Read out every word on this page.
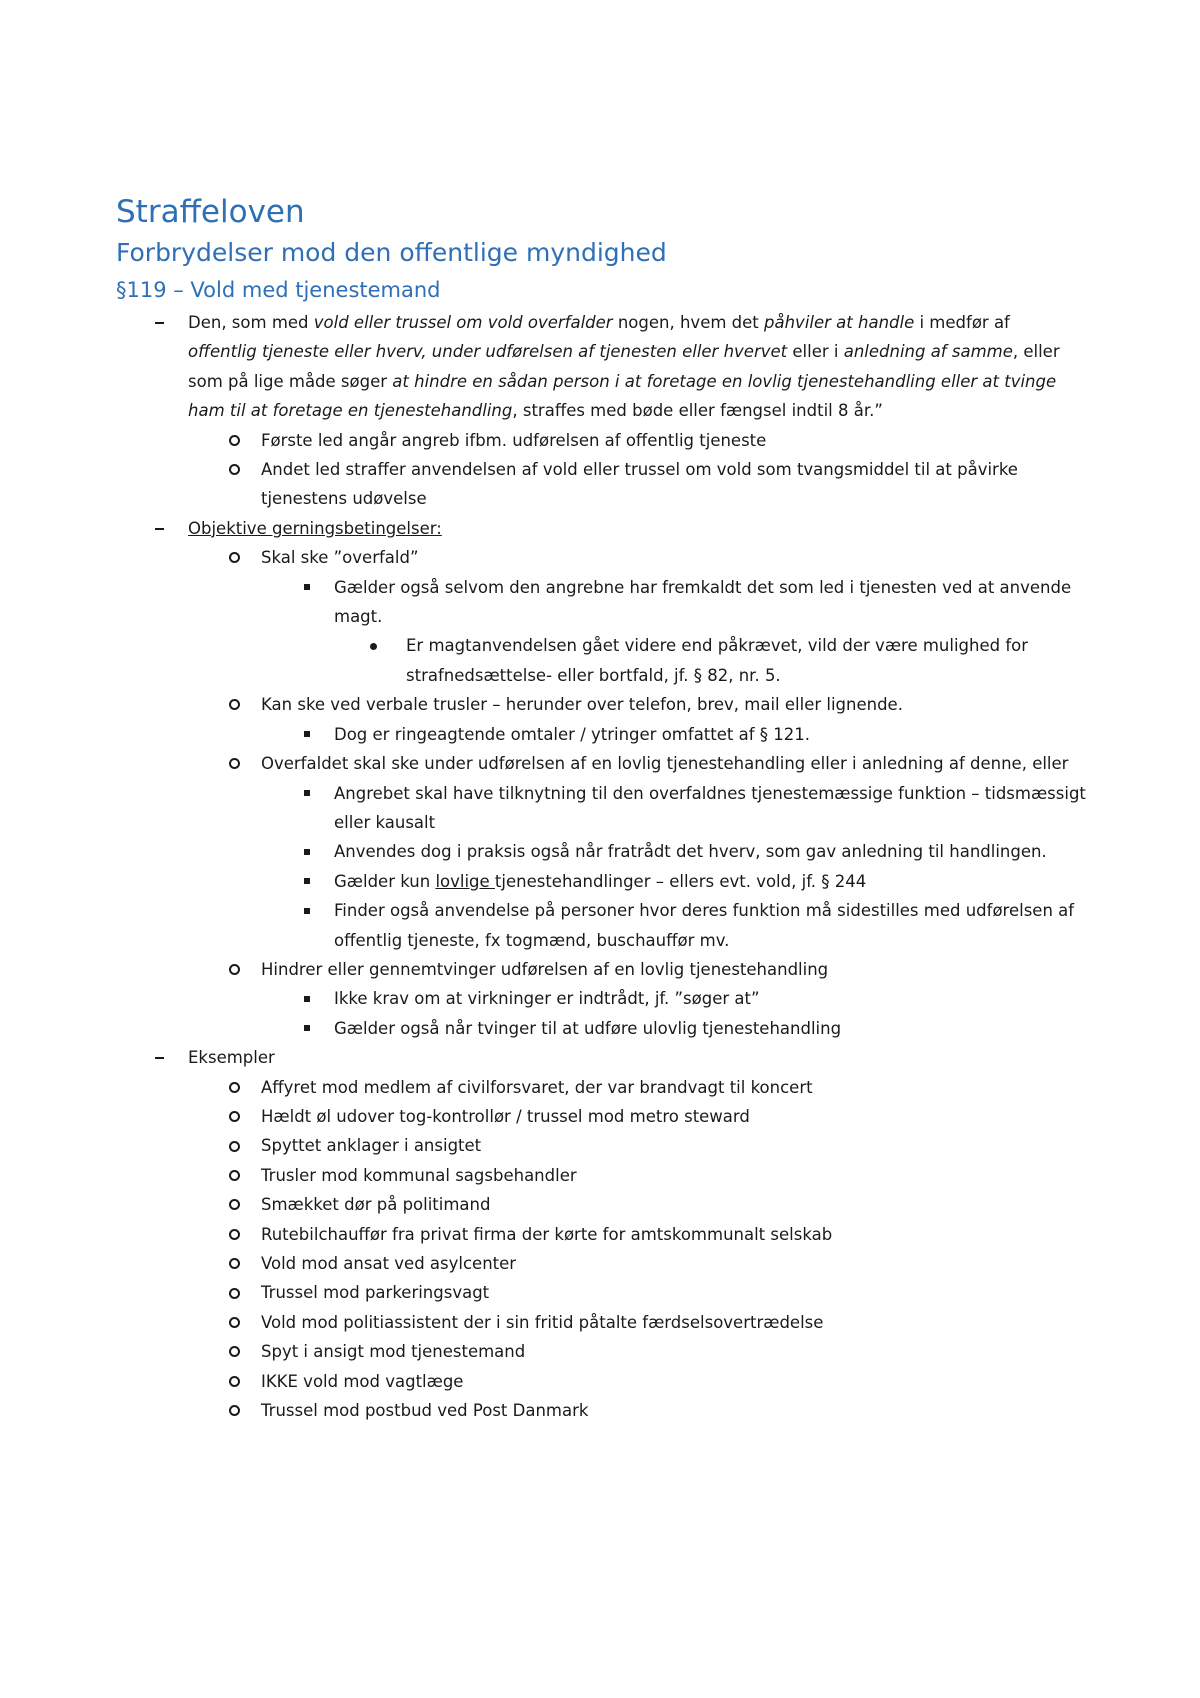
Straffeloven
Forbrydelser mod den offentlige myndighed
§119 – Vold med tjenestemand
Den, som med vold eller trussel om vold overfalder nogen, hvem det påhviler at handle i medfør af offentlig tjeneste eller hverv, under udførelsen af tjenesten eller hvervet eller i anledning af samme, eller som på lige måde søger at hindre en sådan person i at foretage en lovlig tjenestehandling eller at tvinge ham til at foretage en tjenestehandling, straffes med bøde eller fængsel indtil 8 år.”
Første led angår angreb ifbm. udførelsen af offentlig tjeneste
Andet led straffer anvendelsen af vold eller trussel om vold som tvangsmiddel til at påvirke tjenestens udøvelse
Objektive gerningsbetingelser:
Skal ske ”overfald”
Gælder også selvom den angrebne har fremkaldt det som led i tjenesten ved at anvende magt.
Er magtanvendelsen gået videre end påkrævet, vild der være mulighed for strafnedsættelse- eller bortfald, jf. § 82, nr. 5.
Kan ske ved verbale trusler – herunder over telefon, brev, mail eller lignende.
Dog er ringeagtende omtaler / ytringer omfattet af § 121.
Overfaldet skal ske under udførelsen af en lovlig tjenestehandling eller i anledning af denne, eller
Angrebet skal have tilknytning til den overfaldnes tjenestemæssige funktion – tidsmæssigt eller kausalt
Anvendes dog i praksis også når fratrådt det hverv, som gav anledning til handlingen.
Gælder kun lovlige tjenestehandlinger – ellers evt. vold, jf. § 244
Finder også anvendelse på personer hvor deres funktion må sidestilles med udførelsen af offentlig tjeneste, fx togmænd, buschauffør mv.
Hindrer eller gennemtvinger udførelsen af en lovlig tjenestehandling
Ikke krav om at virkninger er indtrådt, jf. ”søger at”
Gælder også når tvinger til at udføre ulovlig tjenestehandling
Eksempler
Affyret mod medlem af civilforsvaret, der var brandvagt til koncert
Hældt øl udover tog-kontrollør / trussel mod metro steward
Spyttet anklager i ansigtet
Trusler mod kommunal sagsbehandler
Smækket dør på politimand
Rutebilchauffør fra privat firma der kørte for amtskommunalt selskab
Vold mod ansat ved asylcenter
Trussel mod parkeringsvagt
Vold mod politiassistent der i sin fritid påtalte færdselsovertrædelse
Spyt i ansigt mod tjenestemand
IKKE vold mod vagtlæge
Trussel mod postbud ved Post Danmark
